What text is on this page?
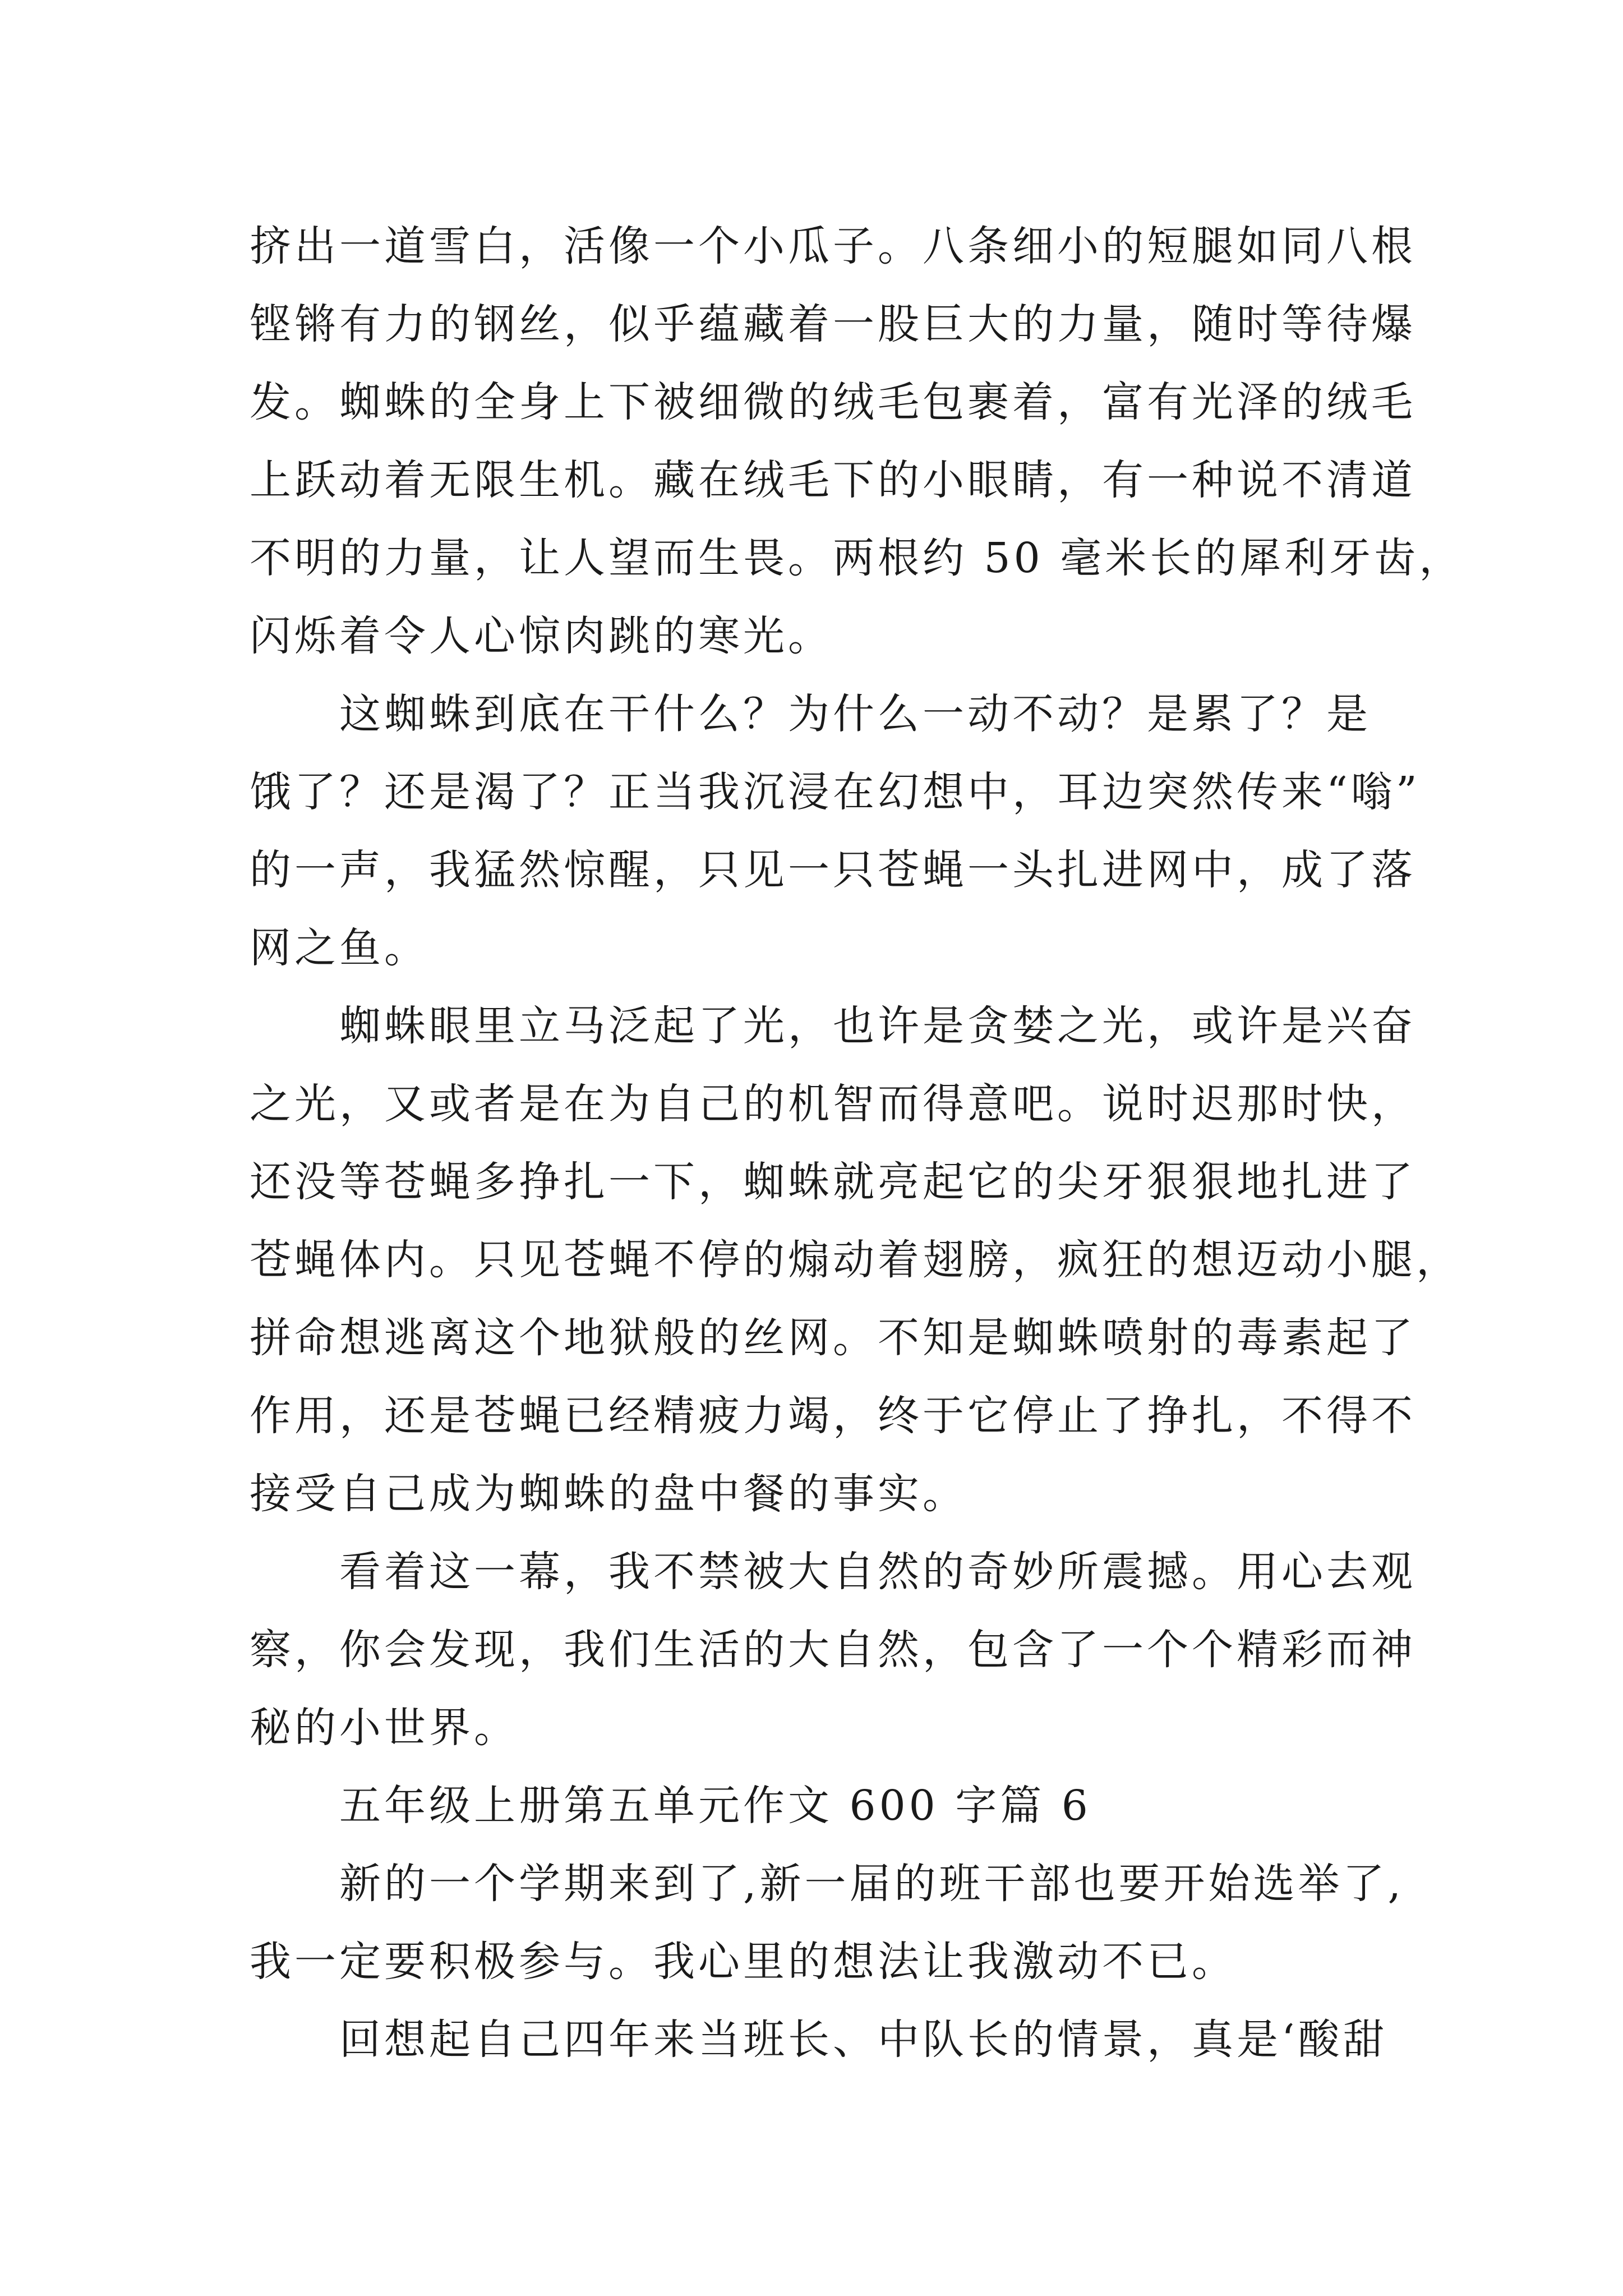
挤出一道雪白，活像一个小瓜子。八条细小的短腿如同八根
铿锵有力的钢丝，似乎蕴藏着一股巨大的力量，随时等待爆
发。蜘蛛的全身上下被细微的绒毛包裹着，富有光泽的绒毛
上跃动着无限生机。藏在绒毛下的小眼睛，有一种说不清道
不明的力量，让人望而生畏。两根约 50 毫米长的犀利牙齿，
闪烁着令人心惊肉跳的寒光。
这蜘蛛到底在干什么？为什么一动不动？是累了？是
饿了？还是渴了？正当我沉浸在幻想中，耳边突然传来“嗡”
的一声，我猛然惊醒，只见一只苍蝇一头扎进网中，成了落
网之鱼。
蜘蛛眼里立马泛起了光，也许是贪婪之光，或许是兴奋
之光，又或者是在为自己的机智而得意吧。说时迟那时快，
还没等苍蝇多挣扎一下，蜘蛛就亮起它的尖牙狠狠地扎进了
苍蝇体内。只见苍蝇不停的煽动着翅膀，疯狂的想迈动小腿，
拼命想逃离这个地狱般的丝网。不知是蜘蛛喷射的毒素起了
作用，还是苍蝇已经精疲力竭，终于它停止了挣扎，不得不
接受自己成为蜘蛛的盘中餐的事实。
看着这一幕，我不禁被大自然的奇妙所震撼。用心去观
察，你会发现，我们生活的大自然，包含了一个个精彩而神
秘的小世界。
五年级上册第五单元作文 600 字篇 6
新的一个学期来到了,新一届的班干部也要开始选举了,
我一定要积极参与。我心里的想法让我激动不已。
回想起自己四年来当班长、中队长的情景，真是‘酸甜
